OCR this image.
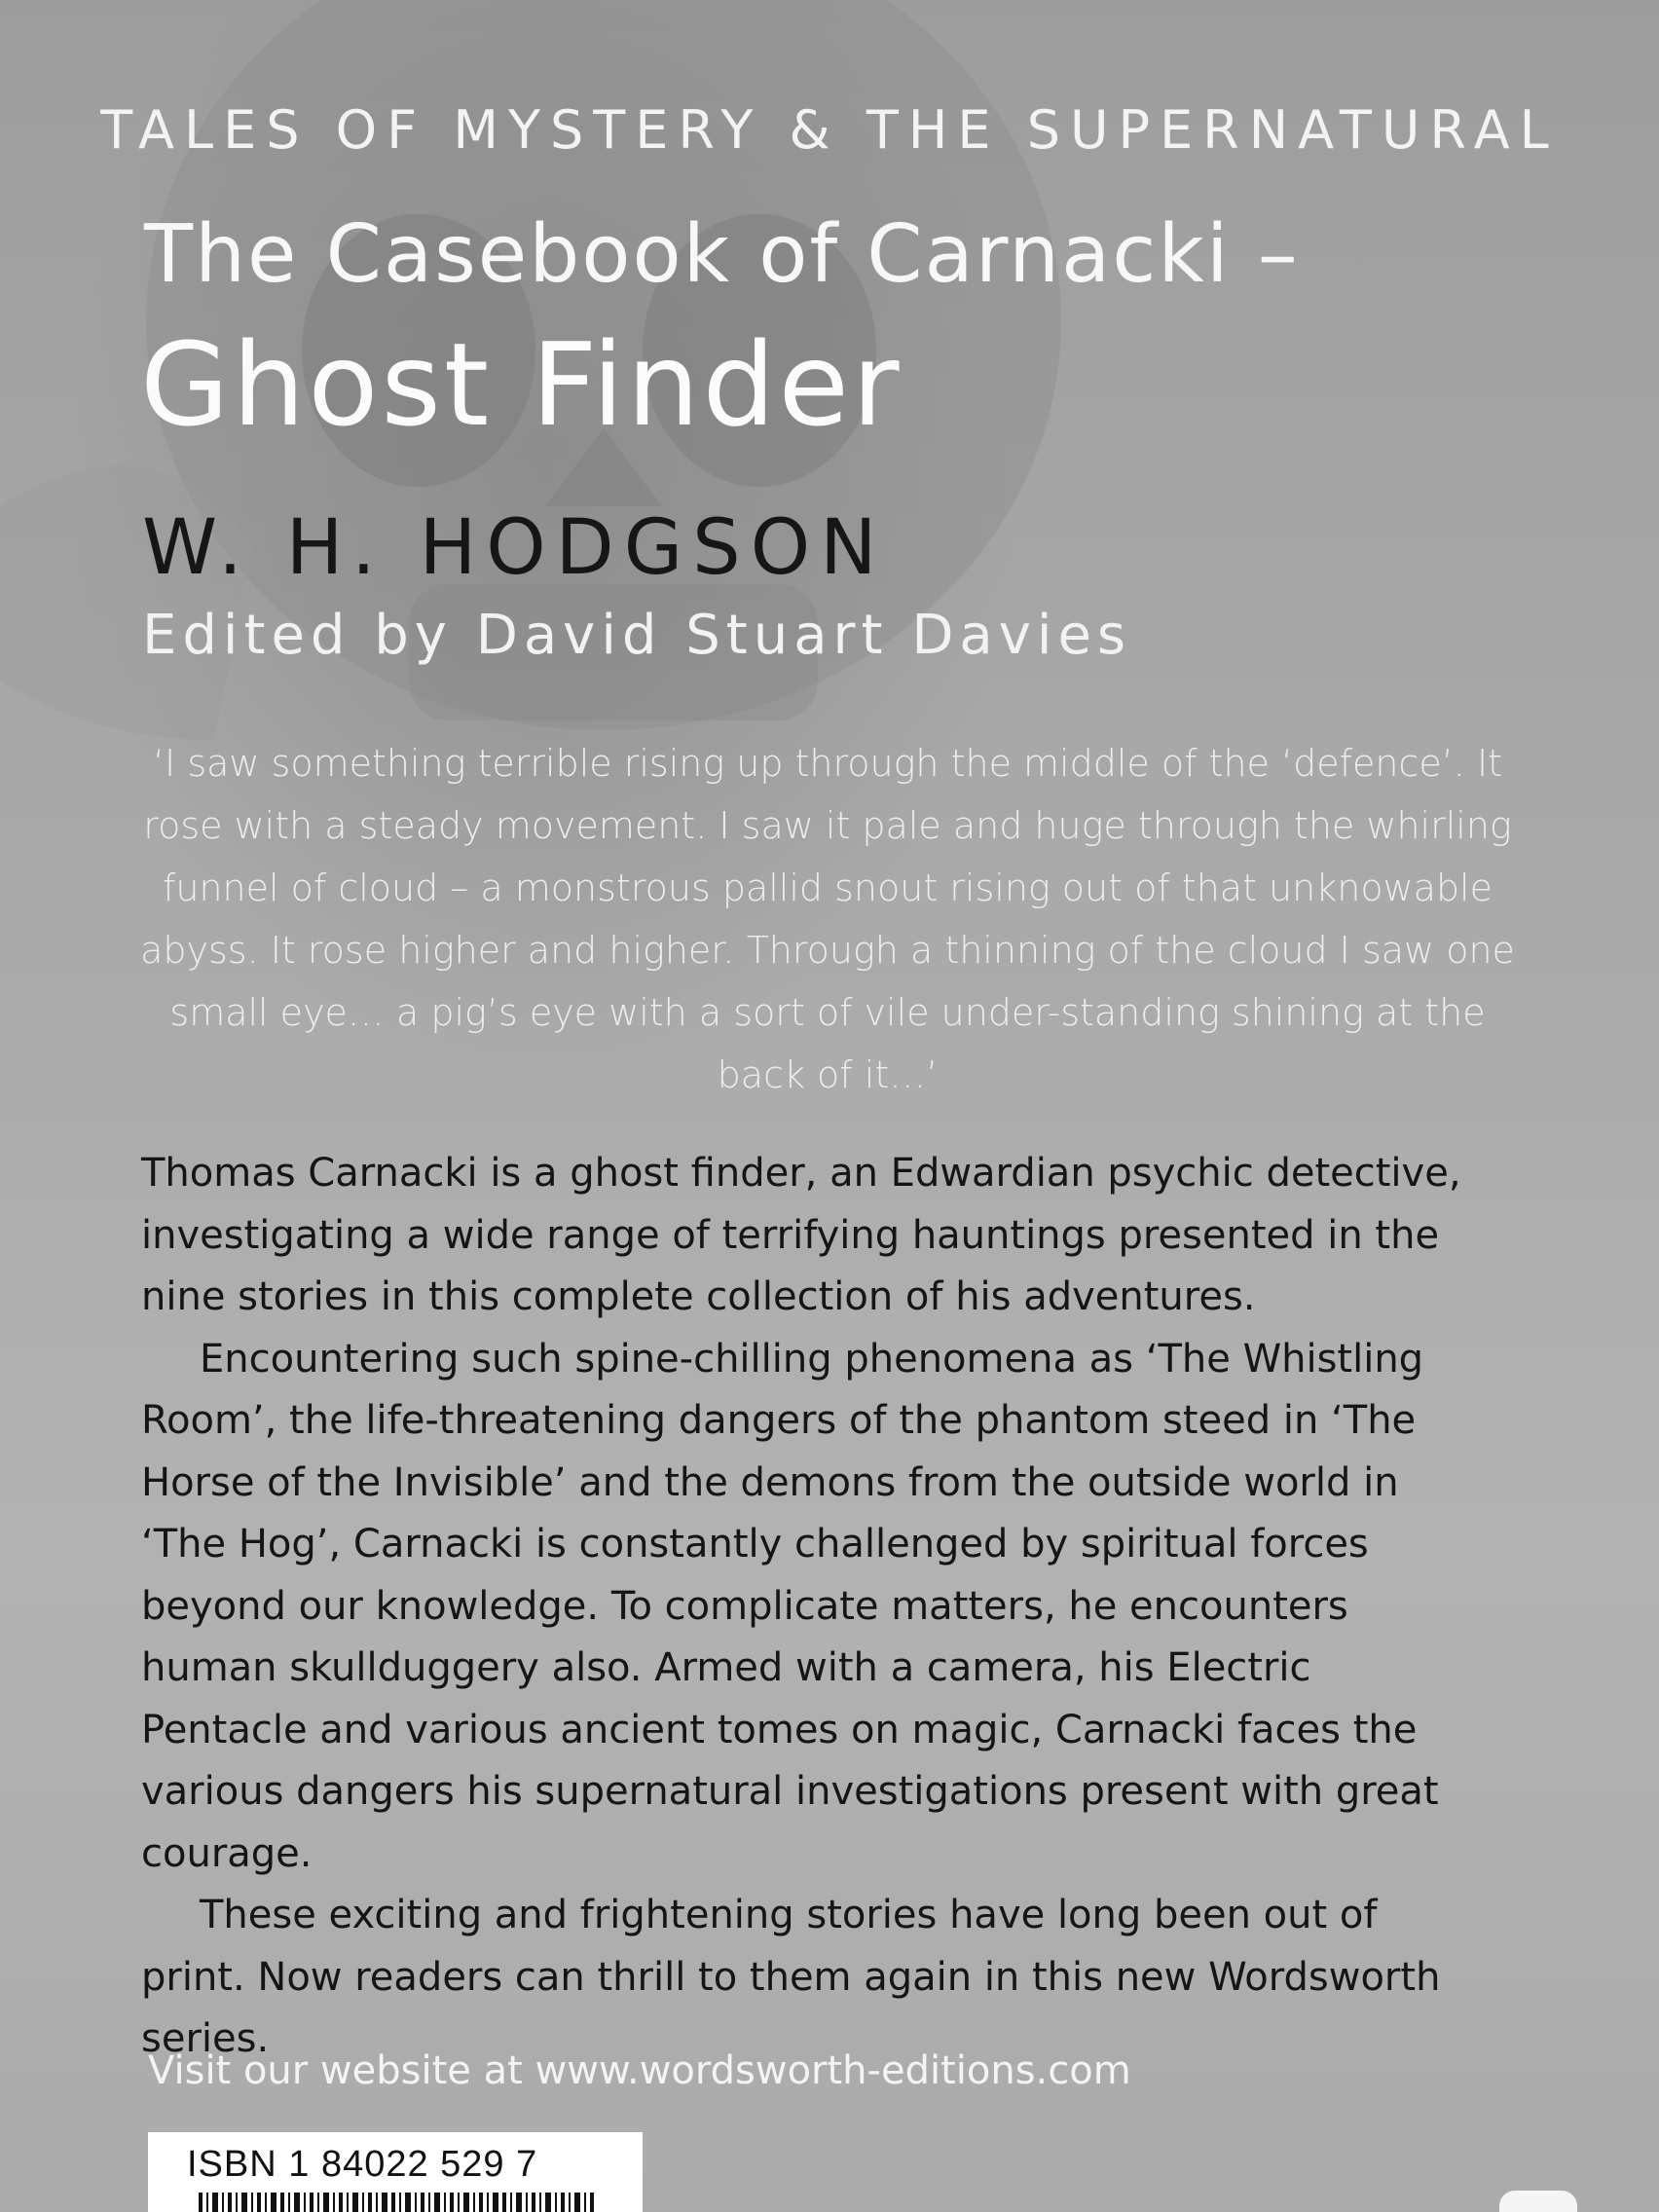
TALES OF MYSTERY & THE SUPERNATURAL
The Casebook of Carnacki –
Ghost Finder
W. H. HODGSON
Edited by David Stuart Davies

‘I saw something terrible rising up through the middle of the ‘defence’. It rose with a steady movement. I saw it pale and huge through the whirling funnel of cloud – a monstrous pallid snout rising out of that unknowable abyss. It rose higher and higher. Through a thinning of the cloud I saw one small eye… a pig’s eye with a sort of vile under-standing shining at the back of it…’

Thomas Carnacki is a ghost finder, an Edwardian psychic detective, investigating a wide range of terrifying hauntings presented in the nine stories in this complete collection of his adventures.

Encountering such spine-chilling phenomena as ‘The Whistling Room’, the life-threatening dangers of the phantom steed in ‘The Horse of the Invisible’ and the demons from the outside world in ‘The Hog’, Carnacki is constantly challenged by spiritual forces beyond our knowledge. To complicate matters, he encounters human skullduggery also. Armed with a camera, his Electric Pentacle and various ancient tomes on magic, Carnacki faces the various dangers his supernatural investigations present with great courage.

These exciting and frightening stories have long been out of print. Now readers can thrill to them again in this new Wordsworth series.

Visit our website at www.wordsworth-editions.com
ISBN 1 84022 529 7
